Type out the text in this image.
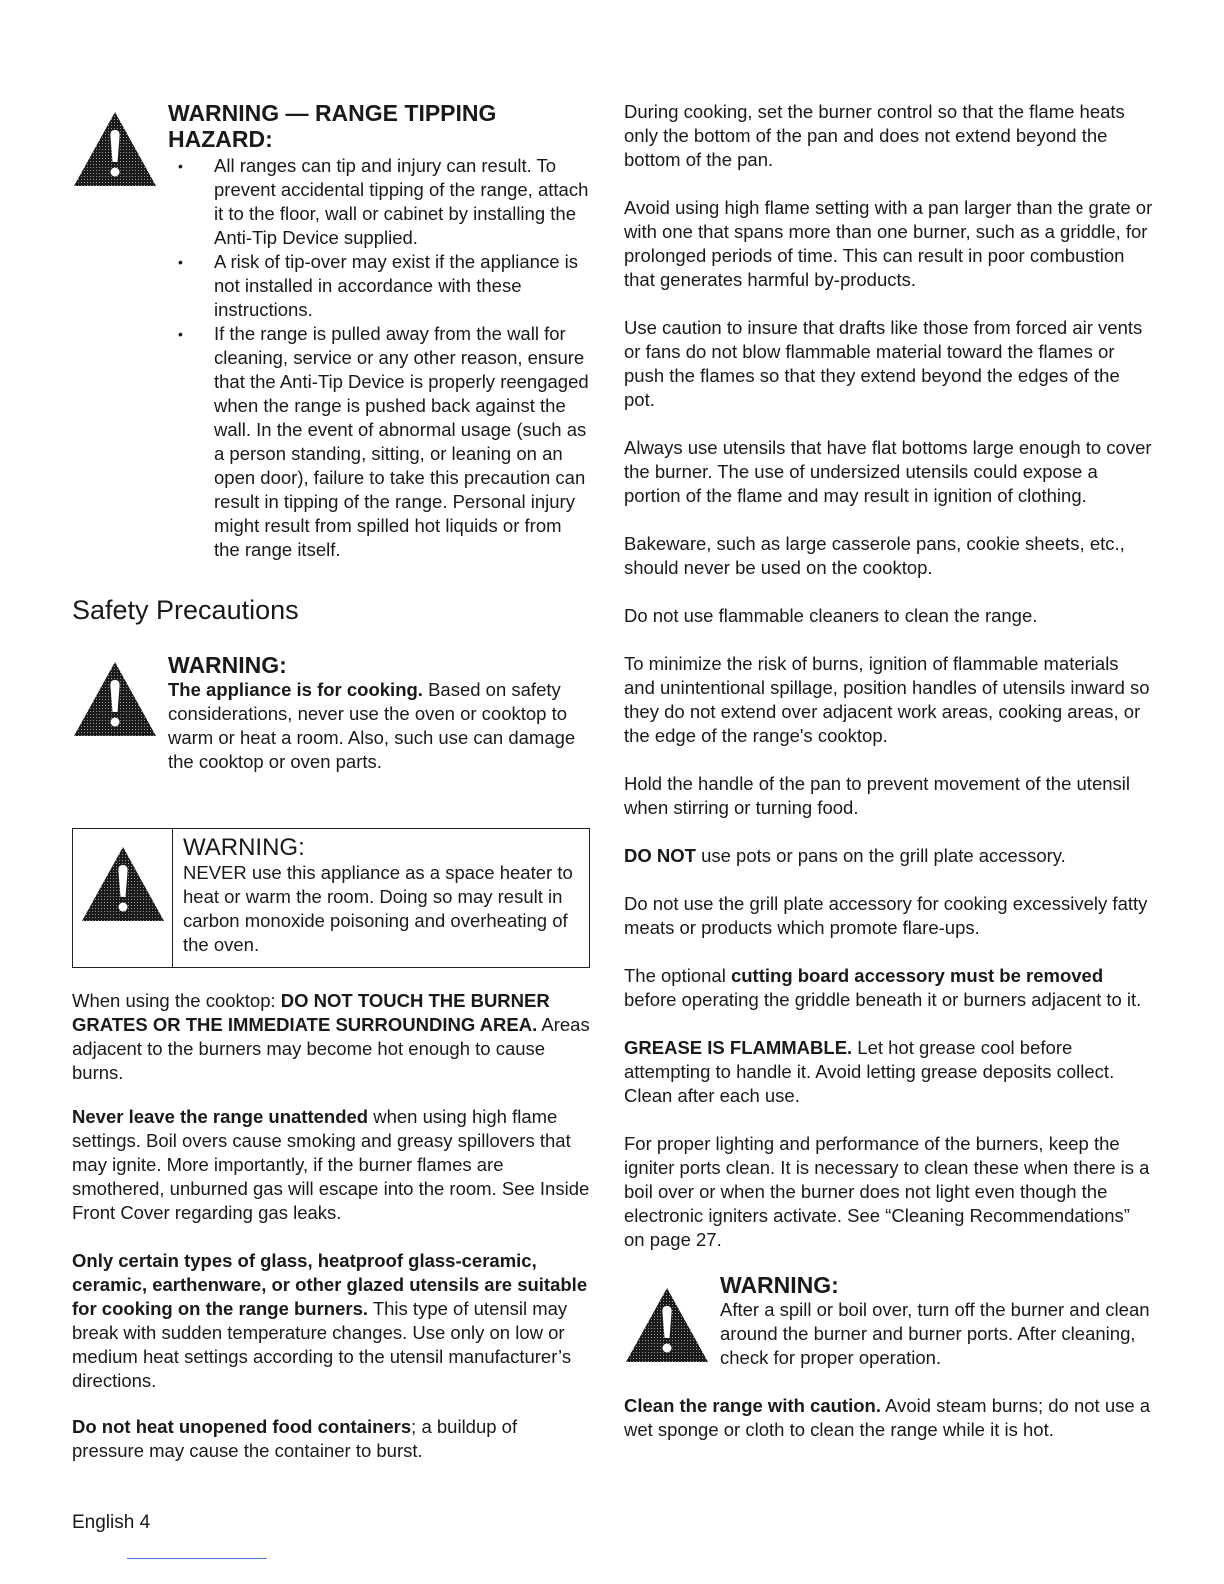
WARNING — RANGE TIPPING

HAZARD:

• All ranges can tip and injury can result. To prevent accidental tipping of the range, attach it to the floor, wall or cabinet by installing the Anti-Tip Device supplied.
• A risk of tip-over may exist if the appliance is not installed in accordance with these instructions.
• If the range is pulled away from the wall for cleaning, service or any other reason, ensure that the Anti-Tip Device is properly reengaged when the range is pushed back against the wall. In the event of abnormal usage (such as a person standing, sitting, or leaning on an open door), failure to take this precaution can result in tipping of the range. Personal injury might result from spilled hot liquids or from the range itself.
Safety Precautions

WARNING:

The appliance is for cooking. Based on safety considerations, never use the oven or cooktop to warm or heat a room. Also, such use can damage the cooktop or oven parts.

WARNING:

NEVER use this appliance as a space heater to heat or warm the room. Doing so may result in carbon monoxide poisoning and overheating of the oven.

When using the cooktop: DO NOT TOUCH THE BURNER GRATES OR THE IMMEDIATE SURROUNDING AREA. Areas adjacent to the burners may become hot enough to cause burns.

Never leave the range unattended when using high flame settings. Boil overs cause smoking and greasy spillovers that may ignite. More importantly, if the burner flames are smothered, unburned gas will escape into the room. See Inside Front Cover regarding gas leaks.

Only certain types of glass, heatproof glass-ceramic, ceramic, earthenware, or other glazed utensils are suitable for cooking on the range burners. This type of utensil may break with sudden temperature changes. Use only on low or medium heat settings according to the utensil manufacturer’s directions.

Do not heat unopened food containers; a buildup of pressure may cause the container to burst.

During cooking, set the burner control so that the flame heats only the bottom of the pan and does not extend beyond the bottom of the pan.

Avoid using high flame setting with a pan larger than the grate or with one that spans more than one burner, such as a griddle, for prolonged periods of time. This can result in poor combustion that generates harmful by-products.

Use caution to insure that drafts like those from forced air vents or fans do not blow flammable material toward the flames or push the flames so that they extend beyond the edges of the pot.

Always use utensils that have flat bottoms large enough to cover the burner. The use of undersized utensils could expose a portion of the flame and may result in ignition of clothing.

Bakeware, such as large casserole pans, cookie sheets, etc., should never be used on the cooktop.

Do not use flammable cleaners to clean the range.

To minimize the risk of burns, ignition of flammable materials and unintentional spillage, position handles of utensils inward so they do not extend over adjacent work areas, cooking areas, or the edge of the range's cooktop.

Hold the handle of the pan to prevent movement of the utensil when stirring or turning food.

DO NOT use pots or pans on the grill plate accessory.

Do not use the grill plate accessory for cooking excessively fatty meats or products which promote flare-ups.

The optional cutting board accessory must be removed before operating the griddle beneath it or burners adjacent to it.

GREASE IS FLAMMABLE. Let hot grease cool before attempting to handle it. Avoid letting grease deposits collect. Clean after each use.

For proper lighting and performance of the burners, keep the igniter ports clean. It is necessary to clean these when there is a boil over or when the burner does not light even though the electronic igniters activate. See “Cleaning Recommendations” on page 27.

WARNING:

After a spill or boil over, turn off the burner and clean around the burner and burner ports. After cleaning, check for proper operation.

Clean the range with caution. Avoid steam burns; do not use a wet sponge or cloth to clean the range while it is hot.

English 4
